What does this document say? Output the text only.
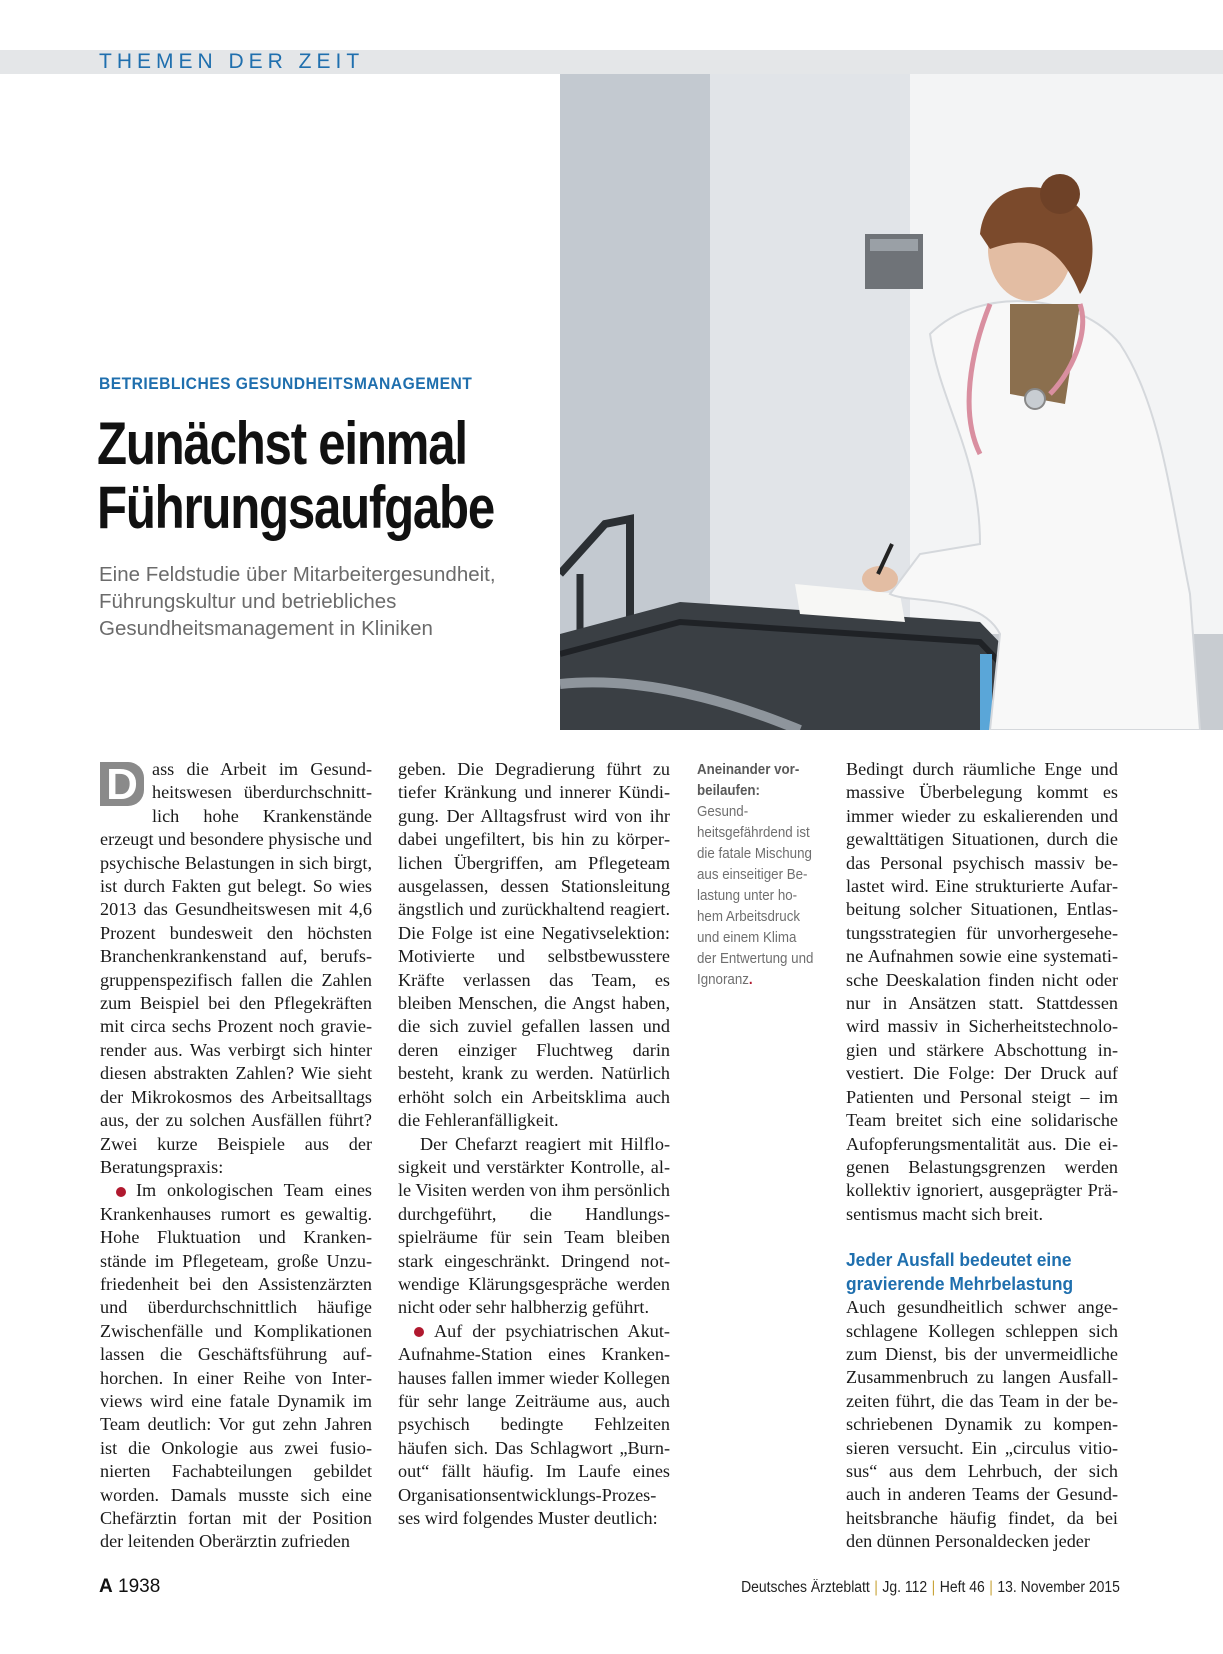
THEMEN DER ZEIT
BETRIEBLICHES GESUNDHEITSMANAGEMENT
Zunächst einmal
Führungsaufgabe

Eine Feldstudie über Mitarbeitergesundheit, Führungskultur und betriebliches Gesundheitsmanagement in Kliniken

D ass die Arbeit im Gesundheitswesen überdurchschnittlich hohe Krankenstände erzeugt und besondere physische und psychische Belastungen in sich birgt, ist durch Fakten gut belegt. So wies 2013 das Gesundheitswesen mit 4,6 Prozent bundesweit den höchsten Branchenkrankenstand auf, berufsgruppenspezifisch fallen die Zahlen zum Beispiel bei den Pflegekräften mit circa sechs Prozent noch gravierender aus. Was verbirgt sich hinter diesen abstrakten Zahlen? Wie sieht der Mikrokosmos des Arbeitsalltags aus, der zu solchen Ausfällen führt? Zwei kurze Beispiele aus der Beratungspraxis:

Im onkologischen Team eines Krankenhauses rumort es gewaltig. Hohe Fluktuation und Krankenstände im Pflegeteam, große Unzufriedenheit bei den Assistenzärzten und überdurchschnittlich häufige Zwischenfälle und Komplikationen lassen die Geschäftsführung aufhorchen. In einer Reihe von Interviews wird eine fatale Dynamik im Team deutlich: Vor gut zehn Jahren ist die Onkologie aus zwei fusionierten Fachabteilungen gebildet worden. Damals musste sich eine Chefärztin fortan mit der Position der leitenden Oberärztin zufrieden

geben. Die Degradierung führt zu tiefer Kränkung und innerer Kündigung. Der Alltagsfrust wird von ihr dabei ungefiltert, bis hin zu körperlichen Übergriffen, am Pflegeteam ausgelassen, dessen Stationsleitung ängstlich und zurückhaltend reagiert. Die Folge ist eine Negativselektion: Motivierte und selbstbewusstere Kräfte verlassen das Team, es bleiben Menschen, die Angst haben, die sich zuviel gefallen lassen und deren einziger Fluchtweg darin besteht, krank zu werden. Natürlich erhöht solch ein Arbeitsklima auch die Fehleranfälligkeit.

Der Chefarzt reagiert mit Hilflosigkeit und verstärkter Kontrolle, alle Visiten werden von ihm persönlich durchgeführt, die Handlungsspielräume für sein Team bleiben stark eingeschränkt. Dringend notwendige Klärungsgespräche werden nicht oder sehr halbherzig geführt.

Auf der psychiatrischen Akut-Aufnahme-Station eines Krankenhauses fallen immer wieder Kollegen für sehr lange Zeiträume aus, auch psychisch bedingte Fehlzeiten häufen sich. Das Schlagwort „Burnout“ fällt häufig. Im Laufe eines Organisationsentwicklungs-Prozesses wird folgendes Muster deutlich:

Aneinander vorbeilaufen: Gesundheitsgefährdend ist die fatale Mischung aus einseitiger Belastung unter hohem Arbeitsdruck und einem Klima der Entwertung und Ignoranz.

Bedingt durch räumliche Enge und massive Überbelegung kommt es immer wieder zu eskalierenden und gewalttätigen Situationen, durch die das Personal psychisch massiv belastet wird. Eine strukturierte Aufarbeitung solcher Situationen, Entlastungsstrategien für unvorhergesehene Aufnahmen sowie eine systematische Deeskalation finden nicht oder nur in Ansätzen statt. Stattdessen wird massiv in Sicherheitstechnologien und stärkere Abschottung investiert. Die Folge: Der Druck auf Patienten und Personal steigt – im Team breitet sich eine solidarische Aufopferungsmentalität aus. Die eigenen Belastungsgrenzen werden kollektiv ignoriert, ausgeprägter Präsentismus macht sich breit.

Jeder Ausfall bedeutet eine gravierende Mehrbelastung

Auch gesundheitlich schwer angeschlagene Kollegen schleppen sich zum Dienst, bis der unvermeidliche Zusammenbruch zu langen Ausfallzeiten führt, die das Team in der beschriebenen Dynamik zu kompensieren versucht. Ein „circulus vitiosus“ aus dem Lehrbuch, der sich auch in anderen Teams der Gesundheitsbranche häufig findet, da bei den dünnen Personaldecken jeder

A 1938	Deutsches Ärzteblatt | Jg. 112 | Heft 46 | 13. November 2015
